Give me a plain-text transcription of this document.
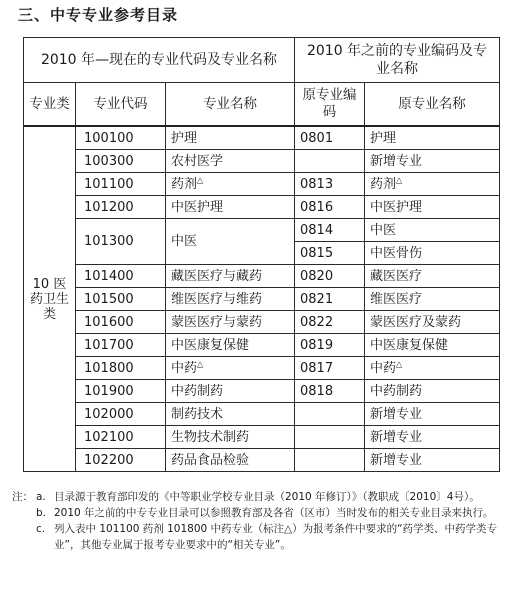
三、中专专业参考目录
2010 年—现在的专业代码及专业名称			2010 年之前的专业编码及专业名称	
专业类	专业代码	专业名称	原专业编码	原专业名称
10 医药卫生类	100100	护理	0801	护理
	100300	农村医学		新增专业
	101100	药剂△	0813	药剂△
	101200	中医护理	0816	中医护理
	101300	中医	0814	中医
			0815	中医骨伤
	101400	藏医医疗与藏药	0820	藏医医疗
	101500	维医医疗与维药	0821	维医医疗
	101600	蒙医医疗与蒙药	0822	蒙医医疗及蒙药
	101700	中医康复保健	0819	中医康复保健
	101800	中药△	0817	中药△
	101900	中药制药	0818	中药制药
	102000	制药技术		新增专业
	102100	生物技术制药		新增专业
	102200	药品食品检验		新增专业
注： a. 目录源于教育部印发的《中等职业学校专业目录（2010 年修订）》（教职成〔2010〕4号）。
b. 2010 年之前的中专专业目录可以参照教育部及各省（区市）当时发布的相关专业目录来执行。
c. 列入表中 101100 药剂 101800 中药专业（标注△）为报考条件中要求的“药学类、中药学类专业”，其他专业属于报考专业要求中的“相关专业”。
